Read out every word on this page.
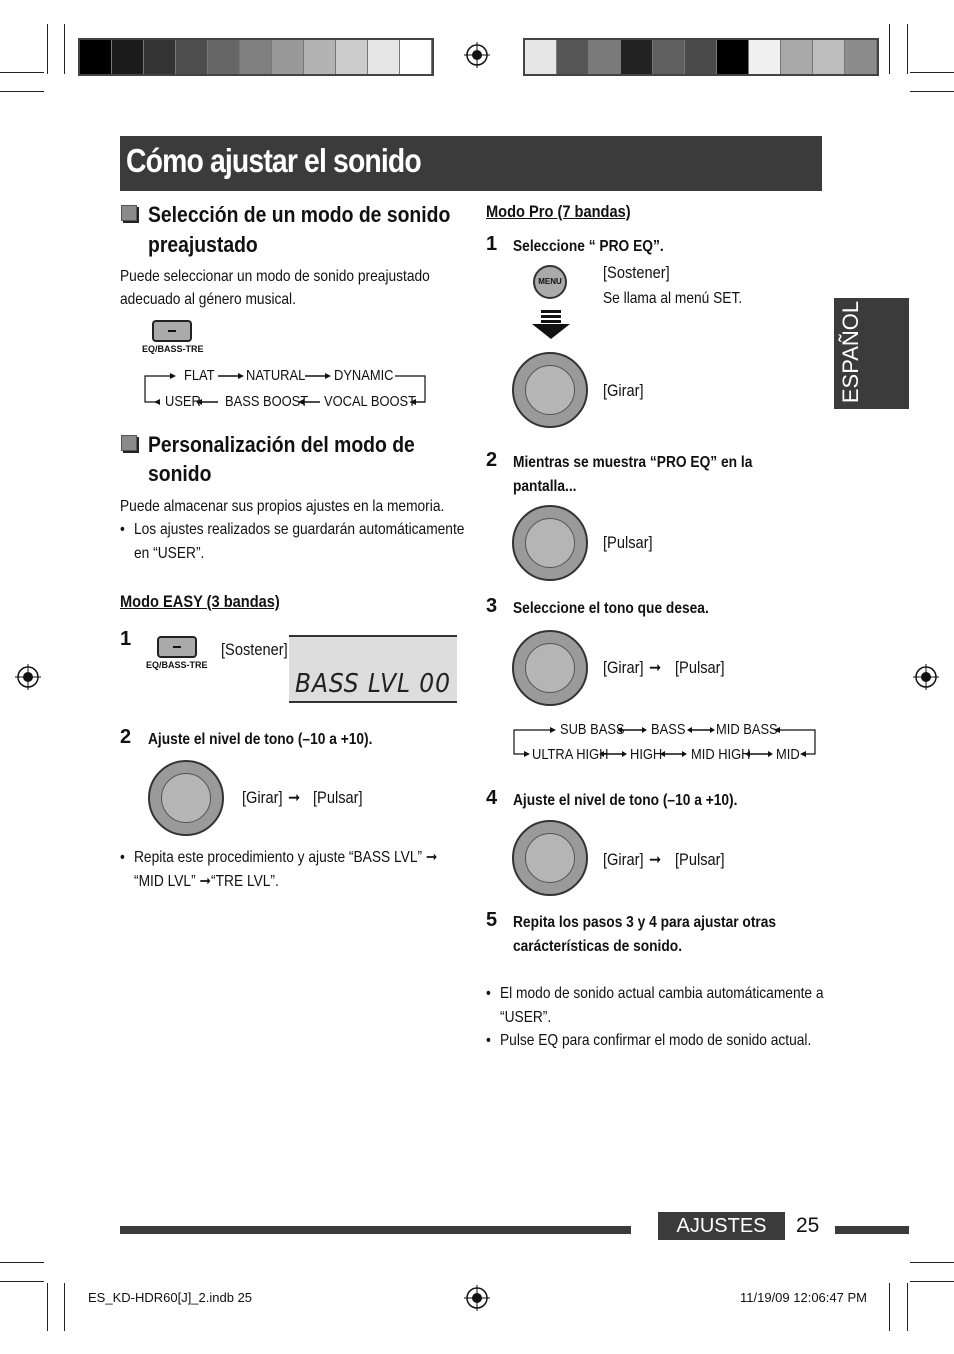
Cómo ajustar el sonido
ESPAÑOL
Selección de un modo de sonido
preajustado
Puede seleccionar un modo de sonido preajustado
adecuado al género musical.
EQ/BASS-TRE
FLAT NATURAL DYNAMIC
USER BASS BOOST VOCAL BOOST
Personalización del modo de
sonido
Puede almacenar sus propios ajustes en la memoria.
• Los ajustes realizados se guardarán automáticamente
en “USER”.
Modo EASY (3 bandas)
1
EQ/BASS-TRE
[Sostener]
BASS LVL 00
2 Ajuste el nivel de tono (–10 a +10).
[Girar] ➞ [Pulsar]
• Repita este procedimiento y ajuste “BASS LVL” ➞
“MID LVL” ➞“TRE LVL”.
Modo Pro (7 bandas)
1 Seleccione “ PRO EQ”.
MENU [Sostener]
Se llama al menú SET.
[Girar]
2 Mientras se muestra “PRO EQ” en la
pantalla...
[Pulsar]
3 Seleccione el tono que desea.
[Girar] ➞ [Pulsar]
SUB BASS BASS MID BASS
ULTRA HIGH HIGH MID HIGH MID
4 Ajuste el nivel de tono (–10 a +10).
[Girar] ➞ [Pulsar]
5 Repita los pasos 3 y 4 para ajustar otras
carácterísticas de sonido.
• El modo de sonido actual cambia automáticamente a
“USER”.
• Pulse EQ para confirmar el modo de sonido actual.
AJUSTES	25
ES_KD-HDR60[J]_2.indb 25	11/19/09 12:06:47 PM
